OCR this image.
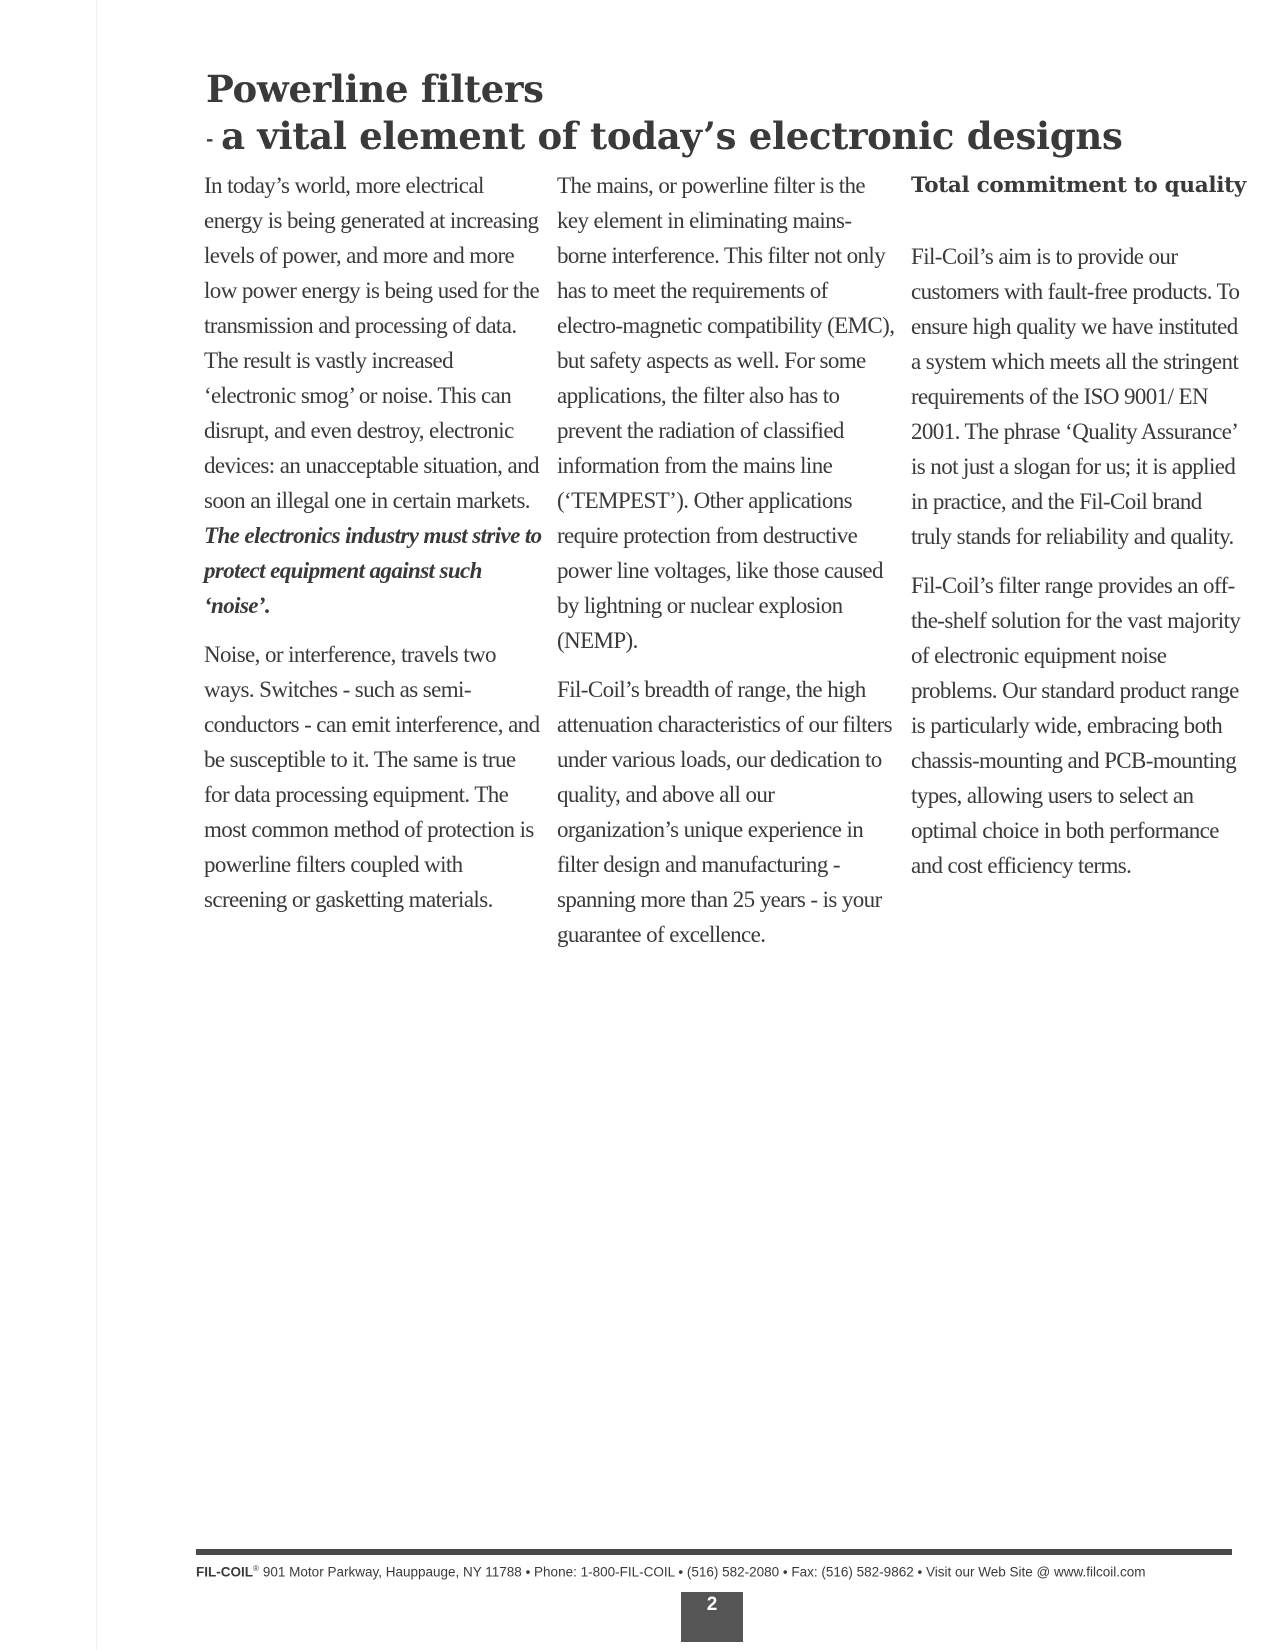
Powerline filters
- a vital element of today’s electronic designs

In today’s world, more electrical energy is being generated at increasing levels of power, and more and more low power energy is being used for the transmission and processing of data. The result is vastly increased ‘electronic smog’ or noise. This can disrupt, and even destroy, electronic devices: an unacceptable situation, and soon an illegal one in certain markets. The electronics industry must strive to protect equipment against such ‘noise’.

Noise, or interference, travels two ways. Switches - such as semi-conductors - can emit interference, and be susceptible to it. The same is true for data processing equipment. The most common method of protection is powerline filters coupled with screening or gasketting materials.

The mains, or powerline filter is the key element in eliminating mains-borne interference. This filter not only has to meet the requirements of electro-magnetic compatibility (EMC), but safety aspects as well. For some applications, the filter also has to prevent the radiation of classified information from the mains line (‘TEMPEST’). Other applications require protection from destructive power line voltages, like those caused by lightning or nuclear explosion (NEMP).

Fil-Coil’s breadth of range, the high attenuation characteristics of our filters under various loads, our dedication to quality, and above all our organization’s unique experience in filter design and manufacturing - spanning more than 25 years - is your guarantee of excellence.

Total commitment to quality

Fil-Coil’s aim is to provide our customers with fault-free products. To ensure high quality we have instituted a system which meets all the stringent requirements of the ISO 9001/ EN 2001. The phrase ‘Quality Assurance’ is not just a slogan for us; it is applied in practice, and the Fil-Coil brand truly stands for reliability and quality.

Fil-Coil’s filter range provides an off-the-shelf solution for the vast majority of electronic equipment noise problems. Our standard product range is particularly wide, embracing both chassis-mounting and PCB-mounting types, allowing users to select an optimal choice in both performance and cost efficiency terms.

FIL-COIL® 901 Motor Parkway, Hauppauge, NY 11788 • Phone: 1-800-FIL-COIL • (516) 582-2080 • Fax: (516) 582-9862 • Visit our Web Site @ www.filcoil.com
2
